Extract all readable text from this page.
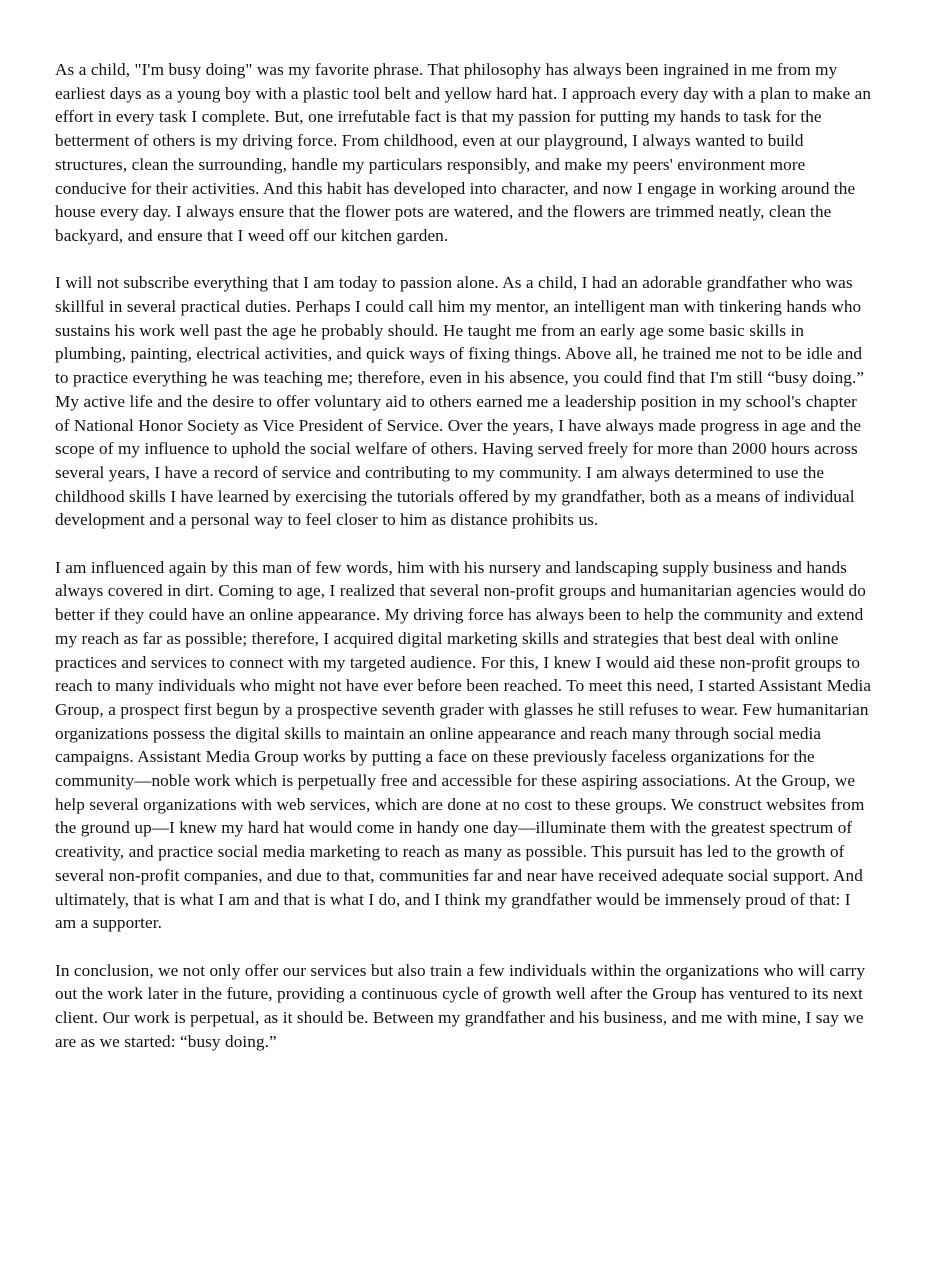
As a child, "I'm busy doing" was my favorite phrase. That philosophy has always been ingrained in me from my earliest days as a young boy with a plastic tool belt and yellow hard hat. I approach every day with a plan to make an effort in every task I complete. But, one irrefutable fact is that my passion for putting my hands to task for the betterment of others is my driving force. From childhood, even at our playground, I always wanted to build structures, clean the surrounding, handle my particulars responsibly, and make my peers' environment more conducive for their activities. And this habit has developed into character, and now I engage in working around the house every day. I always ensure that the flower pots are watered, and the flowers are trimmed neatly, clean the backyard, and ensure that I weed off our kitchen garden.

I will not subscribe everything that I am today to passion alone. As a child, I had an adorable grandfather who was skillful in several practical duties. Perhaps I could call him my mentor, an intelligent man with tinkering hands who sustains his work well past the age he probably should. He taught me from an early age some basic skills in plumbing, painting, electrical activities, and quick ways of fixing things. Above all, he trained me not to be idle and to practice everything he was teaching me; therefore, even in his absence, you could find that I'm still “busy doing.” My active life and the desire to offer voluntary aid to others earned me a leadership position in my school's chapter of National Honor Society as Vice President of Service. Over the years, I have always made progress in age and the scope of my influence to uphold the social welfare of others. Having served freely for more than 2000 hours across several years, I have a record of service and contributing to my community. I am always determined to use the childhood skills I have learned by exercising the tutorials offered by my grandfather, both as a means of individual development and a personal way to feel closer to him as distance prohibits us.

I am influenced again by this man of few words, him with his nursery and landscaping supply business and hands always covered in dirt. Coming to age, I realized that several non-profit groups and humanitarian agencies would do better if they could have an online appearance. My driving force has always been to help the community and extend my reach as far as possible; therefore, I acquired digital marketing skills and strategies that best deal with online practices and services to connect with my targeted audience. For this, I knew I would aid these non-profit groups to reach to many individuals who might not have ever before been reached. To meet this need, I started Assistant Media Group, a prospect first begun by a prospective seventh grader with glasses he still refuses to wear. Few humanitarian organizations possess the digital skills to maintain an online appearance and reach many through social media campaigns. Assistant Media Group works by putting a face on these previously faceless organizations for the community—noble work which is perpetually free and accessible for these aspiring associations. At the Group, we help several organizations with web services, which are done at no cost to these groups. We construct websites from the ground up—I knew my hard hat would come in handy one day—illuminate them with the greatest spectrum of creativity, and practice social media marketing to reach as many as possible. This pursuit has led to the growth of several non-profit companies, and due to that, communities far and near have received adequate social support. And ultimately, that is what I am and that is what I do, and I think my grandfather would be immensely proud of that: I am a supporter.

In conclusion, we not only offer our services but also train a few individuals within the organizations who will carry out the work later in the future, providing a continuous cycle of growth well after the Group has ventured to its next client. Our work is perpetual, as it should be. Between my grandfather and his business, and me with mine, I say we are as we started: “busy doing.”
